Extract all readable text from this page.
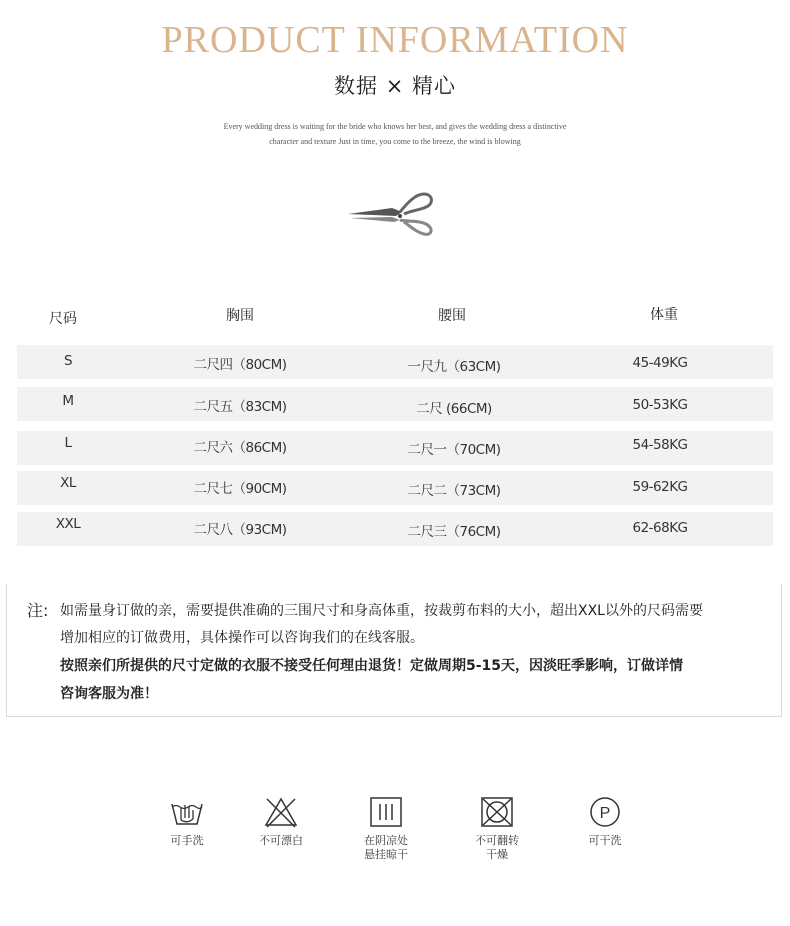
PRODUCT INFORMATION
数据 × 精心
Every wedding dress is waiting for the bride who knows her best, and gives the wedding dress a distinctive
character and texture Just in time, you come to the breeze, the wind is blowing
尺码	胸围	腰围	体重
S	二尺四（80CM)	一尺九（63CM)	45-49KG
M	二尺五（83CM)	二尺 (66CM)	50-53KG
L	二尺六（86CM)	二尺一（70CM)	54-58KG
XL	二尺七（90CM)	二尺二（73CM)	59-62KG
XXL	二尺八（93CM)	二尺三（76CM)	62-68KG
注: 如需量身订做的亲，需要提供准确的三围尺寸和身高体重，按裁剪布料的大小，超出XXL以外的尺码需要
增加相应的订做费用，具体操作可以咨询我们的在线客服。
按照亲们所提供的尺寸定做的衣服不接受任何理由退货！定做周期5-15天，因淡旺季影响，订做详情
咨询客服为准！
可手洗	不可漂白	在阴凉处
悬挂晾干
不可翻转
干燥
P
可干洗
